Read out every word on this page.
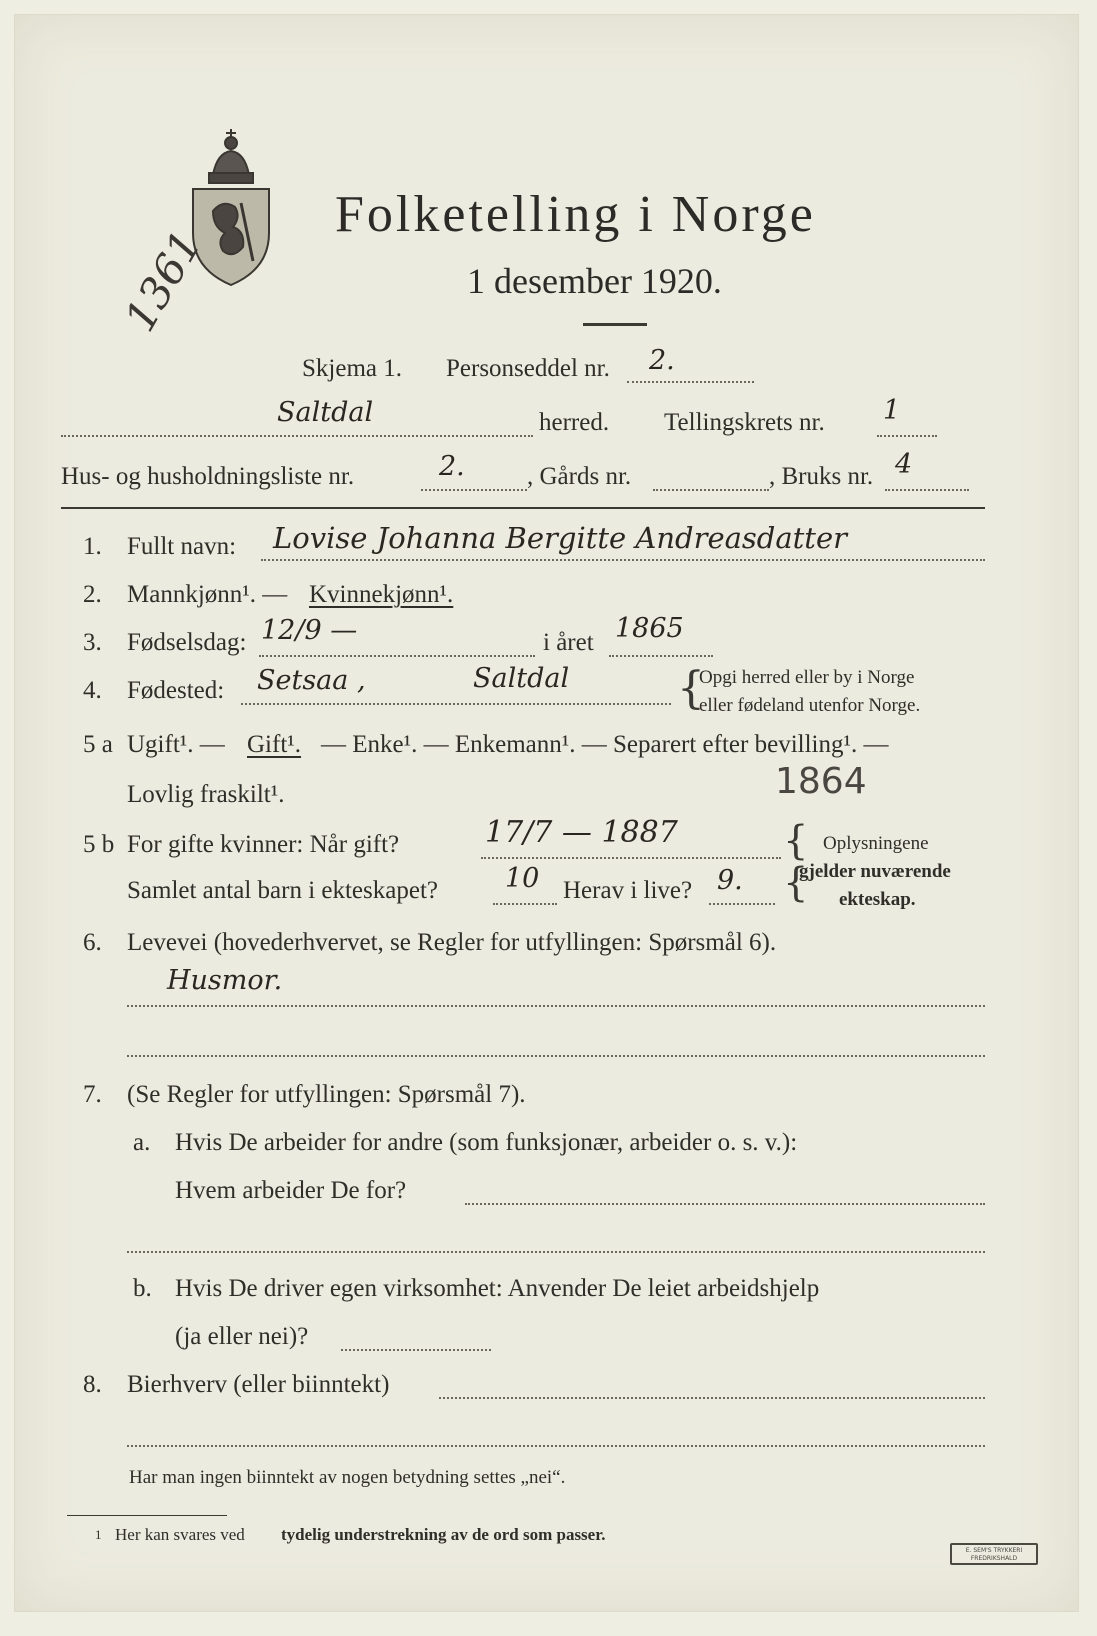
Folketelling i Norge
1 desember 1920.
1361
Skjema 1. Personseddel nr. 2.
Saltdal	herred. Tellingskrets nr. 1
Hus- og husholdningsliste nr.	2. , Gårds nr.	, Bruks nr. 4
1. Fullt navn: Lovise Johanna Bergitte Andreasdatter
2. Mannkjønn¹. — Kvinnekjønn¹.
3. Fødselsdag: 12/9 —	i året 1865
4. Fødested: Setsaa ,	Saltdal {
Opgi herred eller by i Norge
eller fødeland utenfor Norge.
5 a Ugift¹. — Gift¹. — Enke¹. — Enkemann¹. — Separert efter bevilling¹. —
Lovlig fraskilt¹.	1864
5 b For gifte kvinner: Når gift?	17/7 — 1887
Samlet antal barn i ekteskapet? 10 Herav i live? 9.
{
{
Oplysningene
gjelder nuværende
ekteskap.
6. Levevei (hovederhvervet, se Regler for utfyllingen: Spørsmål 6).
Husmor.
7. (Se Regler for utfyllingen: Spørsmål 7).
a. Hvis De arbeider for andre (som funksjonær, arbeider o. s. v.):
Hvem arbeider De for?
b. Hvis De driver egen virksomhet: Anvender De leiet arbeidshjelp
(ja eller nei)?
8. Bierhverv (eller biinntekt)
Har man ingen biinntekt av nogen betydning settes „nei“.
1 Her kan svares ved tydelig understrekning av de ord som passer.
E. SEM'S TRYKKERI
FREDRIKSHALD
